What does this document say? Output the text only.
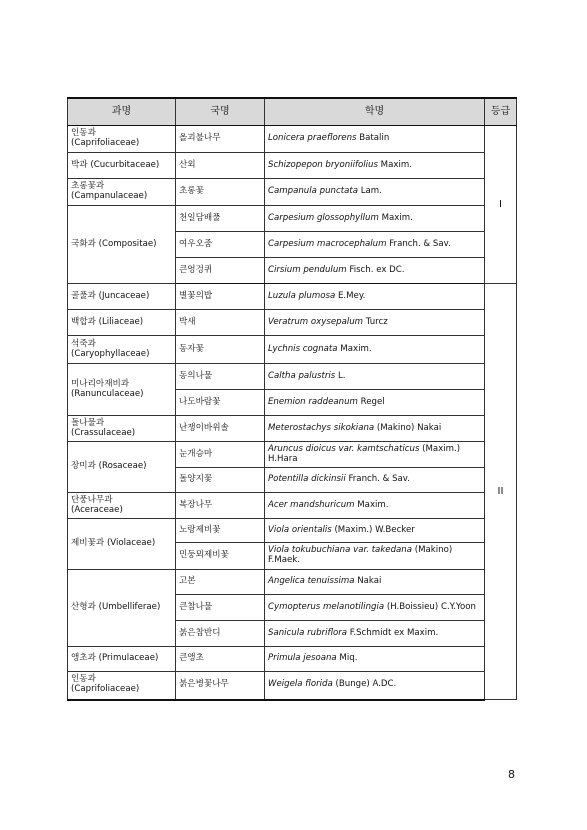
과명	국명	학명	등급
인동과
(Caprifoliaceae)	올괴불나무	Lonicera praeflorens Batalin	I
박과 (Cucurbitaceae)	산외	Schizopepon bryoniifolius Maxim.	
초롱꽃과
(Campanulaceae)	초롱꽃	Campanula punctata Lam.	
국화과 (Compositae)	천일담배풀	Carpesium glossophyllum Maxim.	
	여우오줌	Carpesium macrocephalum Franch. & Sav.	
	큰엉겅퀴	Cirsium pendulum Fisch. ex DC.	
골풀과 (Juncaceae)	별꽃의밥	Luzula plumosa E.Mey.	II
백합과 (Liliaceae)	박새	Veratrum oxysepalum Turcz	
석죽과
(Caryophyllaceae)	동자꽃	Lychnis cognata Maxim.	
미나리아재비과
(Ranunculaceae)	동의나물	Caltha palustris L.	
	나도바람꽃	Enemion raddeanum Regel	
돌나물과
(Crassulaceae)	난쟁이바위솔	Meterostachys sikokiana (Makino) Nakai	
장미과 (Rosaceae)	눈개승마	Aruncus dioicus var. kamtschaticus (Maxim.)
H.Hara	
	돌양지꽃	Potentilla dickinsii Franch. & Sav.	
단풍나무과
(Aceraceae)	복장나무	Acer mandshuricum Maxim.	
제비꽃과 (Violaceae)	노랑제비꽃	Viola orientalis (Maxim.) W.Becker	
	민둥뫼제비꽃	Viola tokubuchiana var. takedana (Makino)
F.Maek.	
산형과 (Umbelliferae)	고본	Angelica tenuissima Nakai	
	큰참나물	Cymopterus melanotilingia (H.Boissieu) C.Y.Yoon	
	붉은참반디	Sanicula rubriflora F.Schmidt ex Maxim.	
앵초과 (Primulaceae)	큰앵초	Primula jesoana Miq.	
인동과
(Caprifoliaceae)	붉은병꽃나무	Weigela florida (Bunge) A.DC.	
8
